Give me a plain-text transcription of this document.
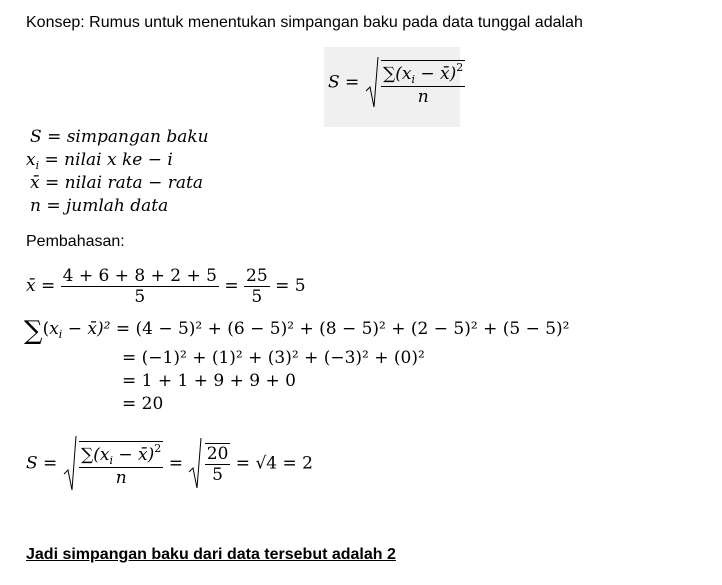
Konsep: Rumus untuk menentukan simpangan baku pada data tunggal adalah
$S = \frac{\sum(x_i - x̄)^2}{n}$
S = simpangan baku
$x_i$ = nilai x ke − i
x̄ = nilai rata − rata
n = jumlah data
Pembahasan:
x̄ = $\frac{4 + 6 + 8 + 2 + 5}{5} = \frac{25}{5} = 5$
$\sum(x_i$ − x̄)² = (4 − 5)² + (6 − 5)² + (8 − 5)² + (2 − 5)² + (5 − 5)²
= (−1)² + (1)² + (3)² + (−3)² + (0)²
= 1 + 1 + 9 + 9 + 0
= 20
$S = \frac{\sum(x_i - x̄)^2}{n} = \frac{20}{5} = √4 = 2$
Jadi simpangan baku dari data tersebut adalah 2
